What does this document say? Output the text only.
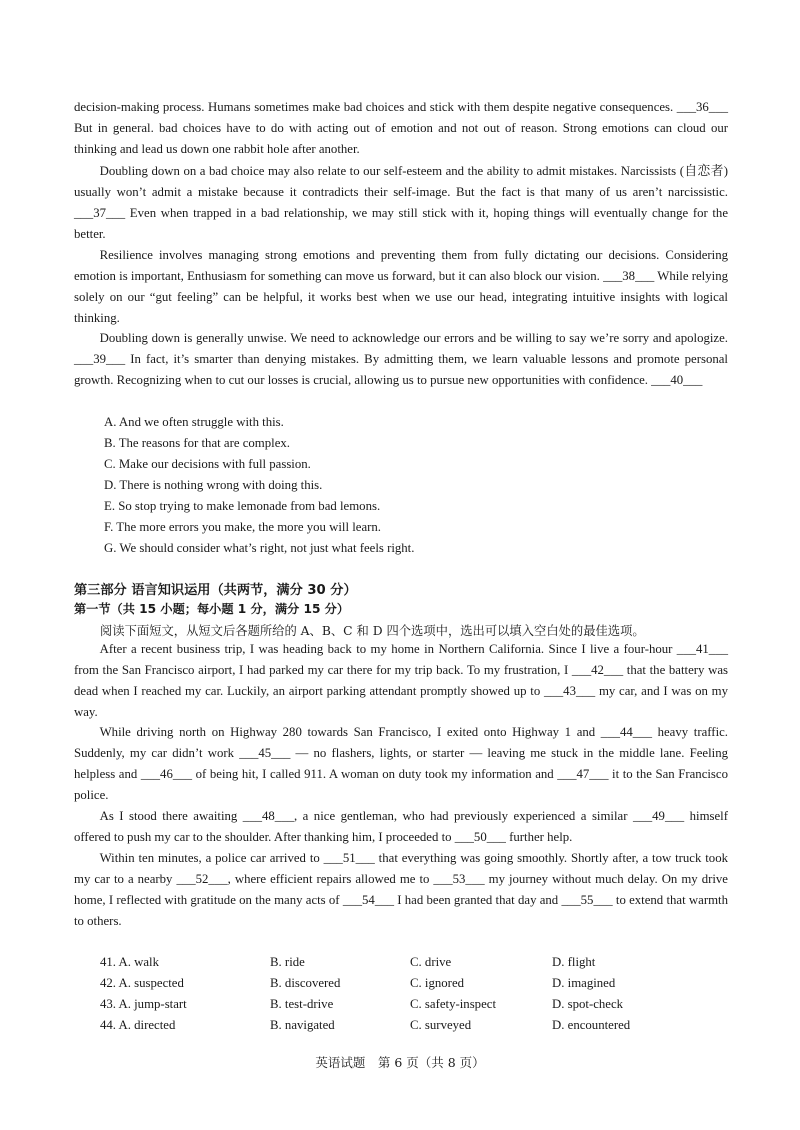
decision-making process. Humans sometimes make bad choices and stick with them despite negative consequences. ___36___ But in general. bad choices have to do with acting out of emotion and not out of reason. Strong emotions can cloud our thinking and lead us down one rabbit hole after another.

Doubling down on a bad choice may also relate to our self-esteem and the ability to admit mistakes. Narcissists (自恋者) usually won’t admit a mistake because it contradicts their self-image. But the fact is that many of us aren’t narcissistic. ___37___ Even when trapped in a bad relationship, we may still stick with it, hoping things will eventually change for the better.

Resilience involves managing strong emotions and preventing them from fully dictating our decisions. Considering emotion is important, Enthusiasm for something can move us forward, but it can also block our vision. ___38___ While relying solely on our “gut feeling” can be helpful, it works best when we use our head, integrating intuitive insights with logical thinking.

Doubling down is generally unwise. We need to acknowledge our errors and be willing to say we’re sorry and apologize. ___39___ In fact, it’s smarter than denying mistakes. By admitting them, we learn valuable lessons and promote personal growth. Recognizing when to cut our losses is crucial, allowing us to pursue new opportunities with confidence. ___40___

A. And we often struggle with this.

B. The reasons for that are complex.

C. Make our decisions with full passion.

D. There is nothing wrong with doing this.

E. So stop trying to make lemonade from bad lemons.

F. The more errors you make, the more you will learn.

G. We should consider what’s right, not just what feels right.

第三部分 语言知识运用（共两节，满分 30 分）

第一节（共 15 小题；每小题 1 分，满分 15 分）

阅读下面短文，从短文后各题所给的 A、B、C 和 D 四个选项中，选出可以填入空白处的最佳选项。

After a recent business trip, I was heading back to my home in Northern California. Since I live a four-hour ___41___ from the San Francisco airport, I had parked my car there for my trip back. To my frustration, I ___42___ that the battery was dead when I reached my car. Luckily, an airport parking attendant promptly showed up to ___43___ my car, and I was on my way.

While driving north on Highway 280 towards San Francisco, I exited onto Highway 1 and ___44___ heavy traffic. Suddenly, my car didn’t work ___45___ — no flashers, lights, or starter — leaving me stuck in the middle lane. Feeling helpless and ___46___ of being hit, I called 911. A woman on duty took my information and ___47___ it to the San Francisco police.

As I stood there awaiting ___48___, a nice gentleman, who had previously experienced a similar ___49___ himself offered to push my car to the shoulder. After thanking him, I proceeded to ___50___ further help.

Within ten minutes, a police car arrived to ___51___ that everything was going smoothly. Shortly after, a tow truck took my car to a nearby ___52___, where efficient repairs allowed me to ___53___ my journey without much delay. On my drive home, I reflected with gratitude on the many acts of ___54___ I had been granted that day and ___55___ to extend that warmth to others.

41. A. walk	B. ride	C. drive	D. flight
42. A. suspected	B. discovered	C. ignored	D. imagined
43. A. jump-start	B. test-drive	C. safety-inspect	D. spot-check
44. A. directed	B. navigated	C. surveyed	D. encountered
英语试题　第 6 页（共 8 页）
